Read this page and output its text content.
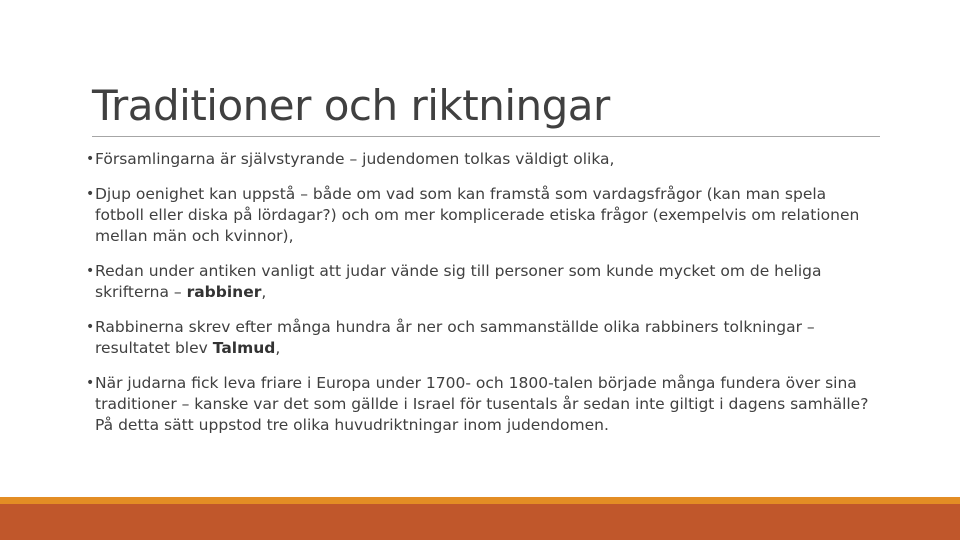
Traditioner och riktningar
• Församlingarna är självstyrande – judendomen tolkas väldigt olika,
• Djup oenighet kan uppstå – både om vad som kan framstå som vardagsfrågor (kan man spela fotboll eller diska på lördagar?) och om mer komplicerade etiska frågor (exempelvis om relationen mellan män och kvinnor),
• Redan under antiken vanligt att judar vände sig till personer som kunde mycket om de heliga skrifterna – rabbiner,
• Rabbinerna skrev efter många hundra år ner och sammanställde olika rabbiners tolkningar – resultatet blev Talmud,
• När judarna fick leva friare i Europa under 1700- och 1800-talen började många fundera över sina traditioner – kanske var det som gällde i Israel för tusentals år sedan inte giltigt i dagens samhälle? På detta sätt uppstod tre olika huvudriktningar inom judendomen.
